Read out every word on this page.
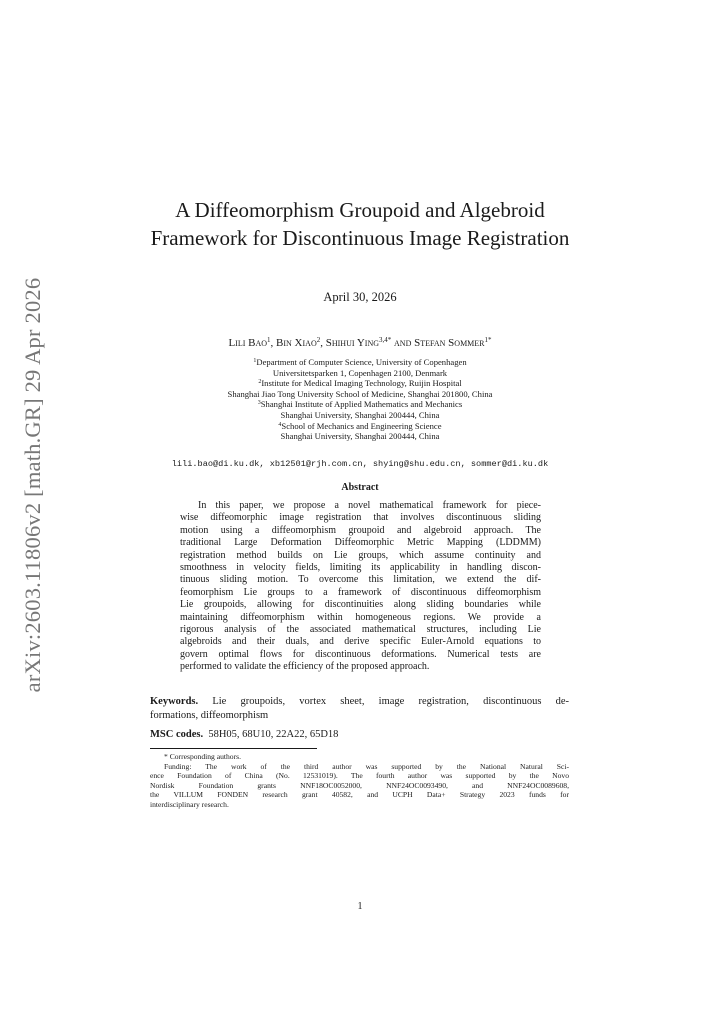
arXiv:2603.11806v2 [math.GR] 29 Apr 2026
A Diffeomorphism Groupoid and Algebroid
Framework for Discontinuous Image Registration
April 30, 2026
Lili Bao$^1$, Bin Xiao$^2$, Shihui Ying$^{3,4*}$ and Stefan Sommer$^{1*}$
$^1$Department of Computer Science, University of Copenhagen
Universitetsparken 1, Copenhagen 2100, Denmark
$^2$Institute for Medical Imaging Technology, Ruijin Hospital
Shanghai Jiao Tong University School of Medicine, Shanghai 201800, China
$^3$Shanghai Institute of Applied Mathematics and Mechanics
Shanghai University, Shanghai 200444, China
$^4$School of Mechanics and Engineering Science
Shanghai University, Shanghai 200444, China
lili.bao@di.ku.dk, xb12501@rjh.com.cn, shying@shu.edu.cn, sommer@di.ku.dk
Abstract
In this paper, we propose a novel mathematical framework for piece-
wise diffeomorphic image registration that involves discontinuous sliding
motion using a diffeomorphism groupoid and algebroid approach. The
traditional Large Deformation Diffeomorphic Metric Mapping (LDDMM)
registration method builds on Lie groups, which assume continuity and
smoothness in velocity fields, limiting its applicability in handling discon-
tinuous sliding motion. To overcome this limitation, we extend the dif-
feomorphism Lie groups to a framework of discontinuous diffeomorphism
Lie groupoids, allowing for discontinuities along sliding boundaries while
maintaining diffeomorphism within homogeneous regions. We provide a
rigorous analysis of the associated mathematical structures, including Lie
algebroids and their duals, and derive specific Euler-Arnold equations to
govern optimal flows for discontinuous deformations. Numerical tests are
performed to validate the efficiency of the proposed approach.
Keywords. Lie groupoids, vortex sheet, image registration, discontinuous de-
formations, diffeomorphism
MSC codes. 58H05, 68U10, 22A22, 65D18
* Corresponding authors.
Funding: The work of the third author was supported by the National Natural Sci-
ence Foundation of China (No. 12531019). The fourth author was supported by the Novo
Nordisk Foundation grants NNF18OC0052000, NNF24OC0093490, and NNF24OC0089608,
the VILLUM FONDEN research grant 40582, and UCPH Data+ Strategy 2023 funds for
interdisciplinary research.
1
